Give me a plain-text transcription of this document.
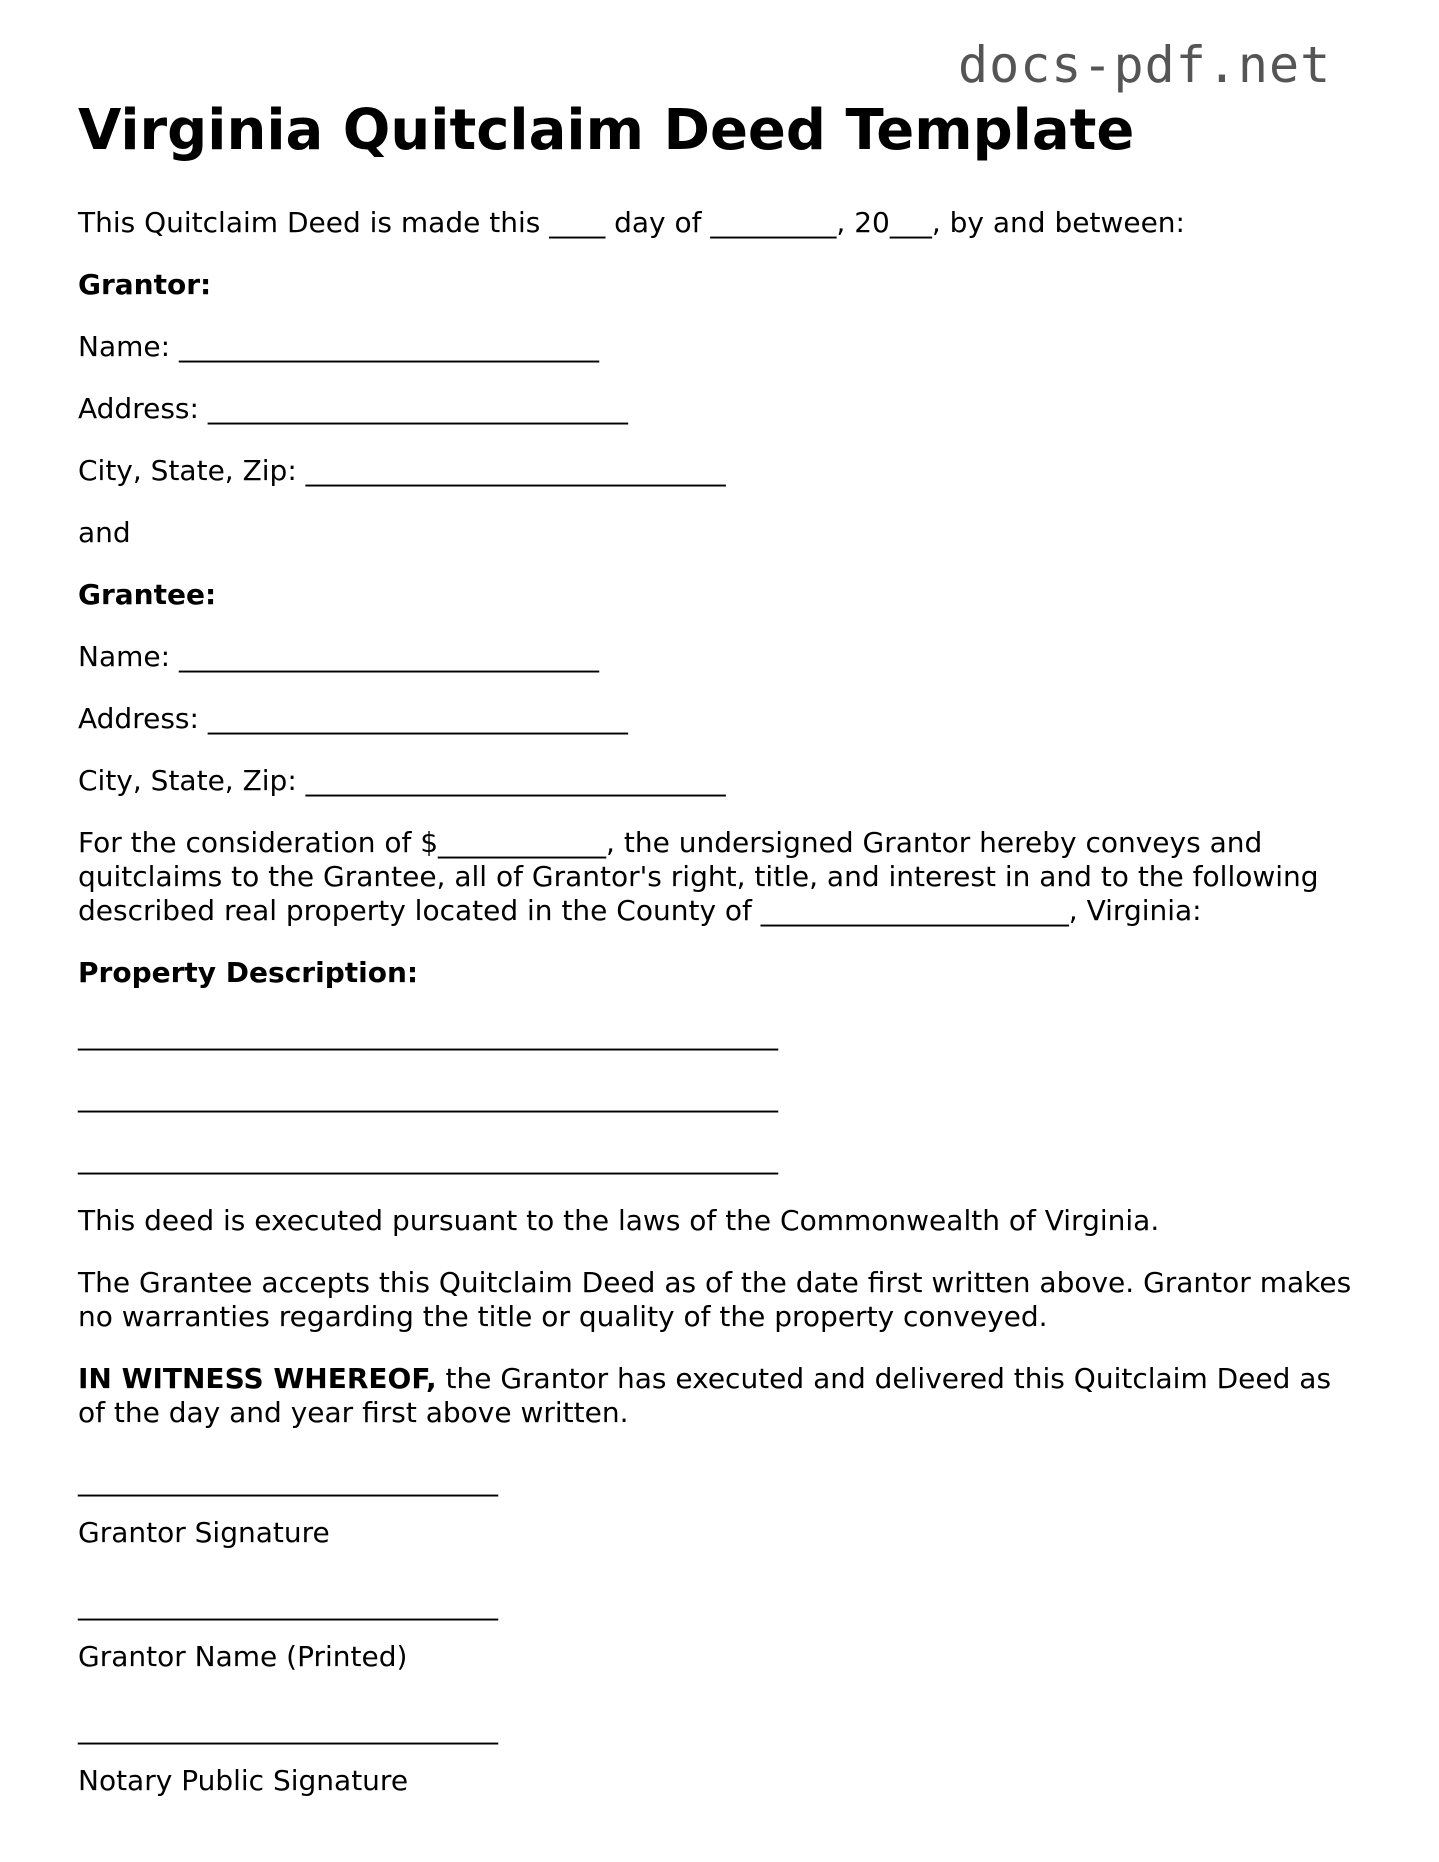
docs-pdf.net
Virginia Quitclaim Deed Template

This Quitclaim Deed is made this ____ day of _________, 20___, by and between:

Grantor:

Name: ______________________________

Address: ______________________________

City, State, Zip: ______________________________

and

Grantee:

Name: ______________________________

Address: ______________________________

City, State, Zip: ______________________________

For the consideration of $____________, the undersigned Grantor hereby conveys and
quitclaims to the Grantee, all of Grantor's right, title, and interest in and to the following
described real property located in the County of ______________________, Virginia:

Property Description:

__________________________________________________

__________________________________________________

__________________________________________________

This deed is executed pursuant to the laws of the Commonwealth of Virginia.

The Grantee accepts this Quitclaim Deed as of the date first written above. Grantor makes
no warranties regarding the title or quality of the property conveyed.

IN WITNESS WHEREOF, the Grantor has executed and delivered this Quitclaim Deed as
of the day and year first above written.

______________________________

Grantor Signature

______________________________

Grantor Name (Printed)

______________________________

Notary Public Signature
